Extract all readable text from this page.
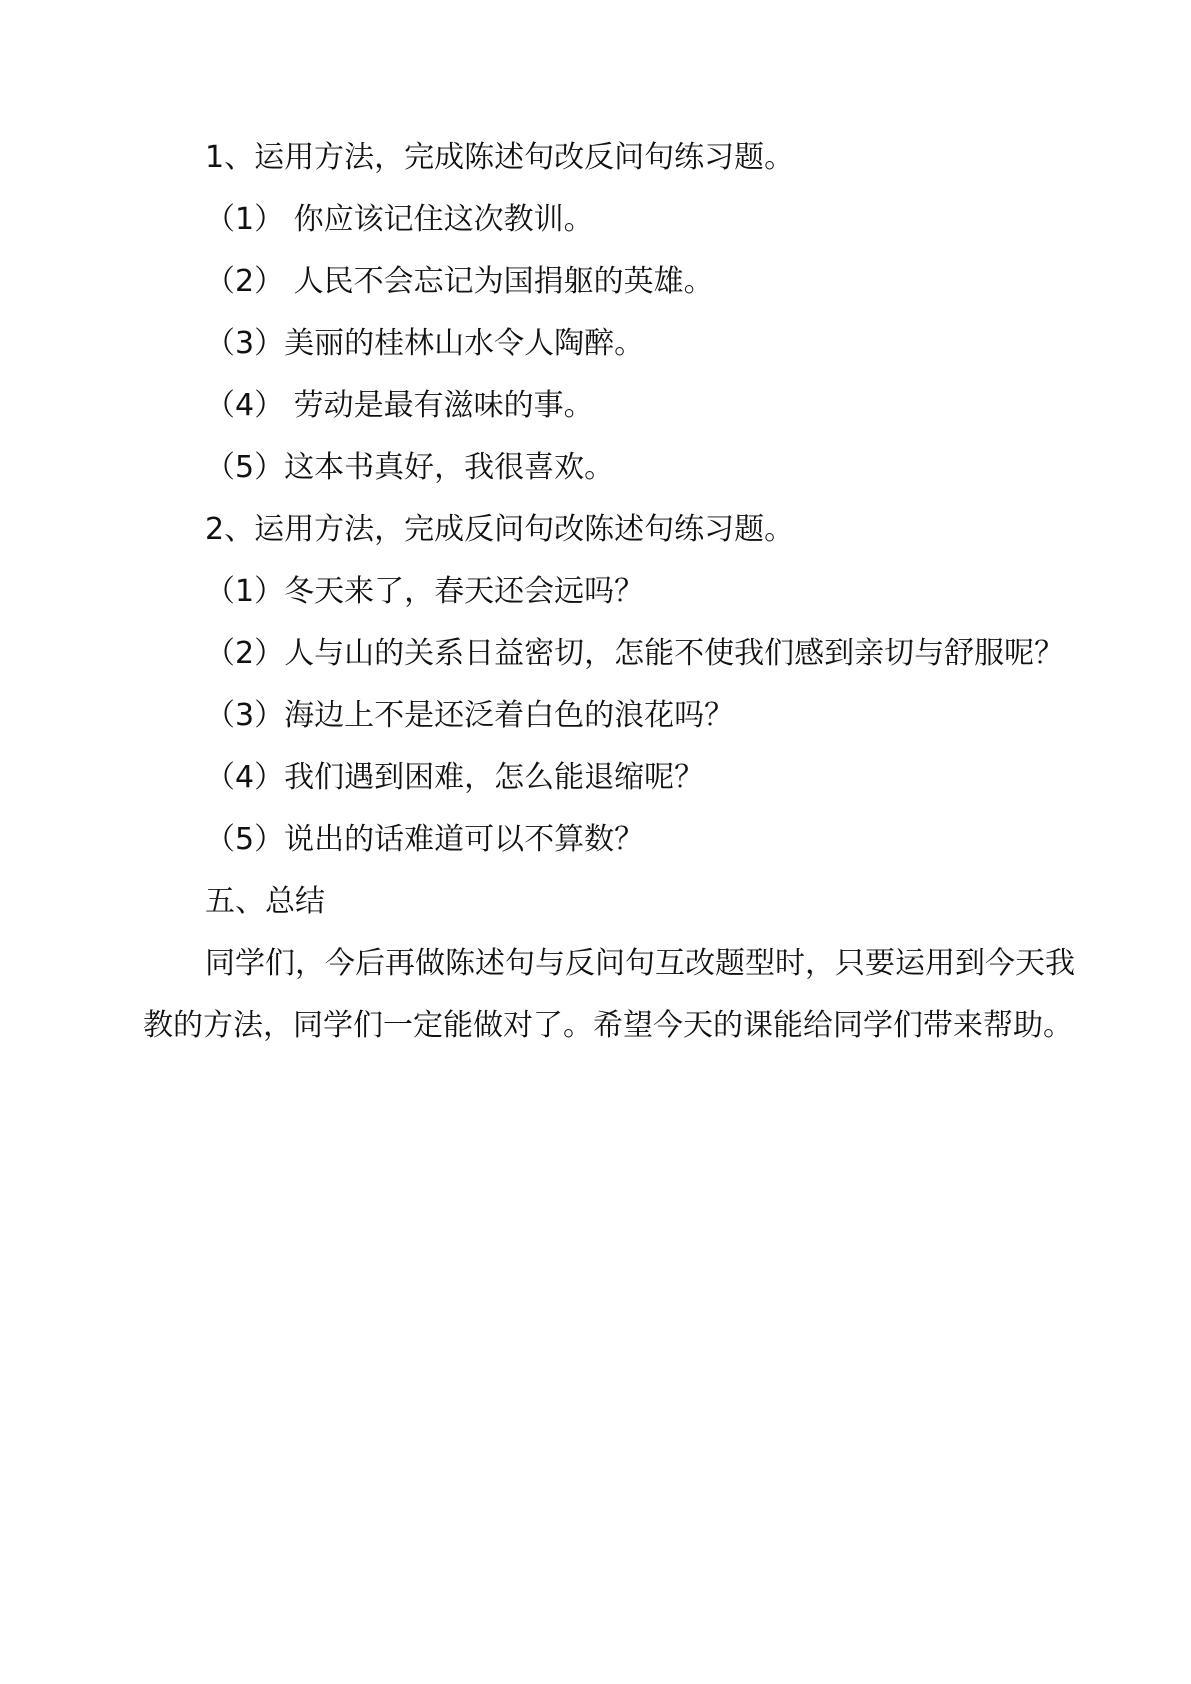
1、运用方法，完成陈述句改反问句练习题。

（1） 你应该记住这次教训。

（2） 人民不会忘记为国捐躯的英雄。

（3）美丽的桂林山水令人陶醉。

（4） 劳动是最有滋味的事。

（5）这本书真好，我很喜欢。

2、运用方法，完成反问句改陈述句练习题。

（1）冬天来了，春天还会远吗？

（2）人与山的关系日益密切，怎能不使我们感到亲切与舒服呢？

（3）海边上不是还泛着白色的浪花吗？

（4）我们遇到困难，怎么能退缩呢？

（5）说出的话难道可以不算数？

五、总结

同学们，今后再做陈述句与反问句互改题型时，只要运用到今天我教的方法，同学们一定能做对了。希望今天的课能给同学们带来帮助。
